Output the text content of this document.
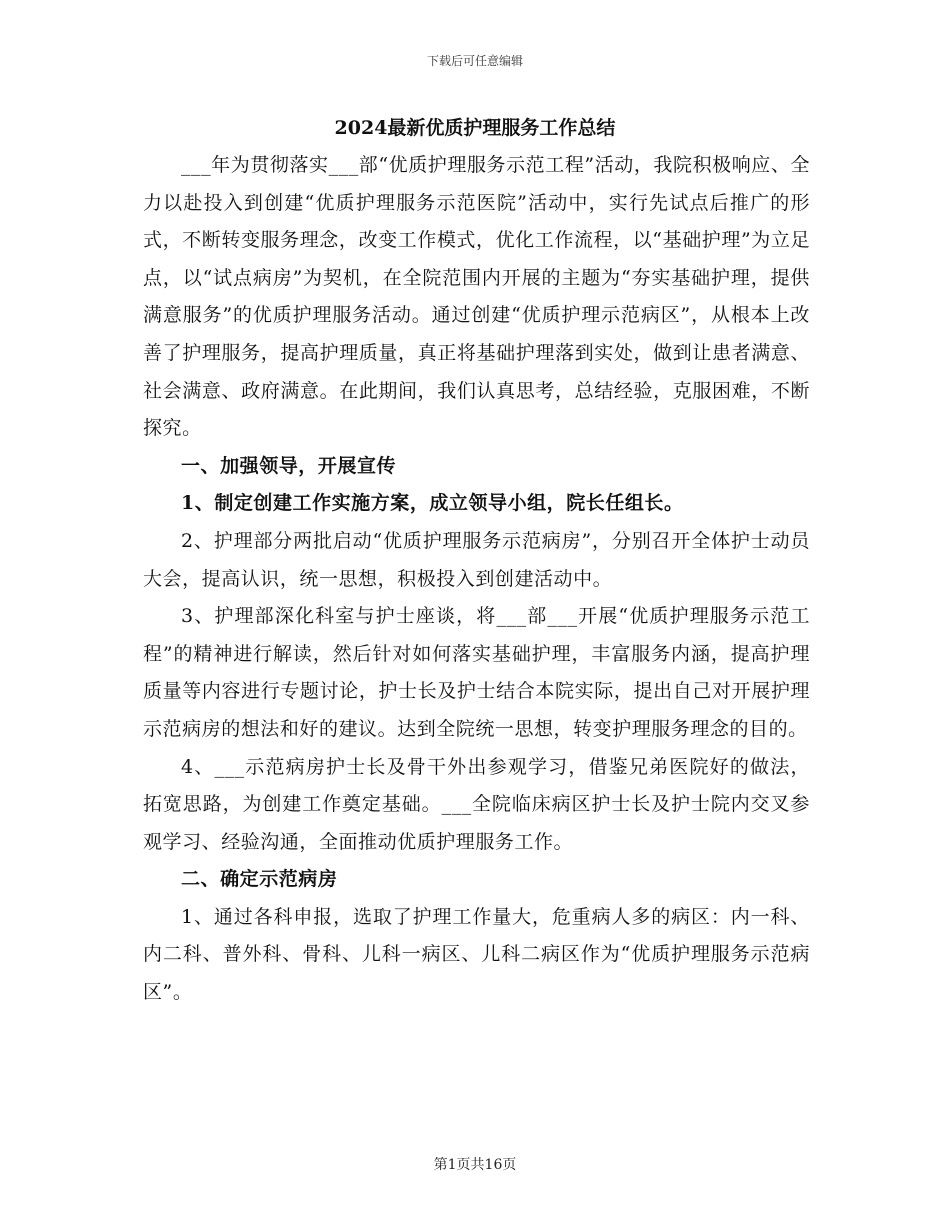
下载后可任意编辑
2024最新优质护理服务工作总结

___年为贯彻落实___部“优质护理服务示范工程”活动，我院积极响应、全力以赴投入到创建“优质护理服务示范医院”活动中，实行先试点后推广的形式，不断转变服务理念，改变工作模式，优化工作流程，以“基础护理”为立足点，以“试点病房”为契机，在全院范围内开展的主题为“夯实基础护理，提供满意服务”的优质护理服务活动。通过创建“优质护理示范病区”，从根本上改善了护理服务，提高护理质量，真正将基础护理落到实处，做到让患者满意、社会满意、政府满意。在此期间，我们认真思考，总结经验，克服困难，不断探究。

一、加强领导，开展宣传

1、制定创建工作实施方案，成立领导小组，院长任组长。

2、护理部分两批启动“优质护理服务示范病房”，分别召开全体护士动员大会，提高认识，统一思想，积极投入到创建活动中。

3、护理部深化科室与护士座谈，将___部___开展“优质护理服务示范工程”的精神进行解读，然后针对如何落实基础护理，丰富服务内涵，提高护理质量等内容进行专题讨论，护士长及护士结合本院实际，提出自己对开展护理示范病房的想法和好的建议。达到全院统一思想，转变护理服务理念的目的。

4、___示范病房护士长及骨干外出参观学习，借鉴兄弟医院好的做法，拓宽思路，为创建工作奠定基础。___全院临床病区护士长及护士院内交叉参观学习、经验沟通，全面推动优质护理服务工作。

二、确定示范病房

1、通过各科申报，选取了护理工作量大，危重病人多的病区：内一科、内二科、普外科、骨科、儿科一病区、儿科二病区作为“优质护理服务示范病区”。

第1页共16页
